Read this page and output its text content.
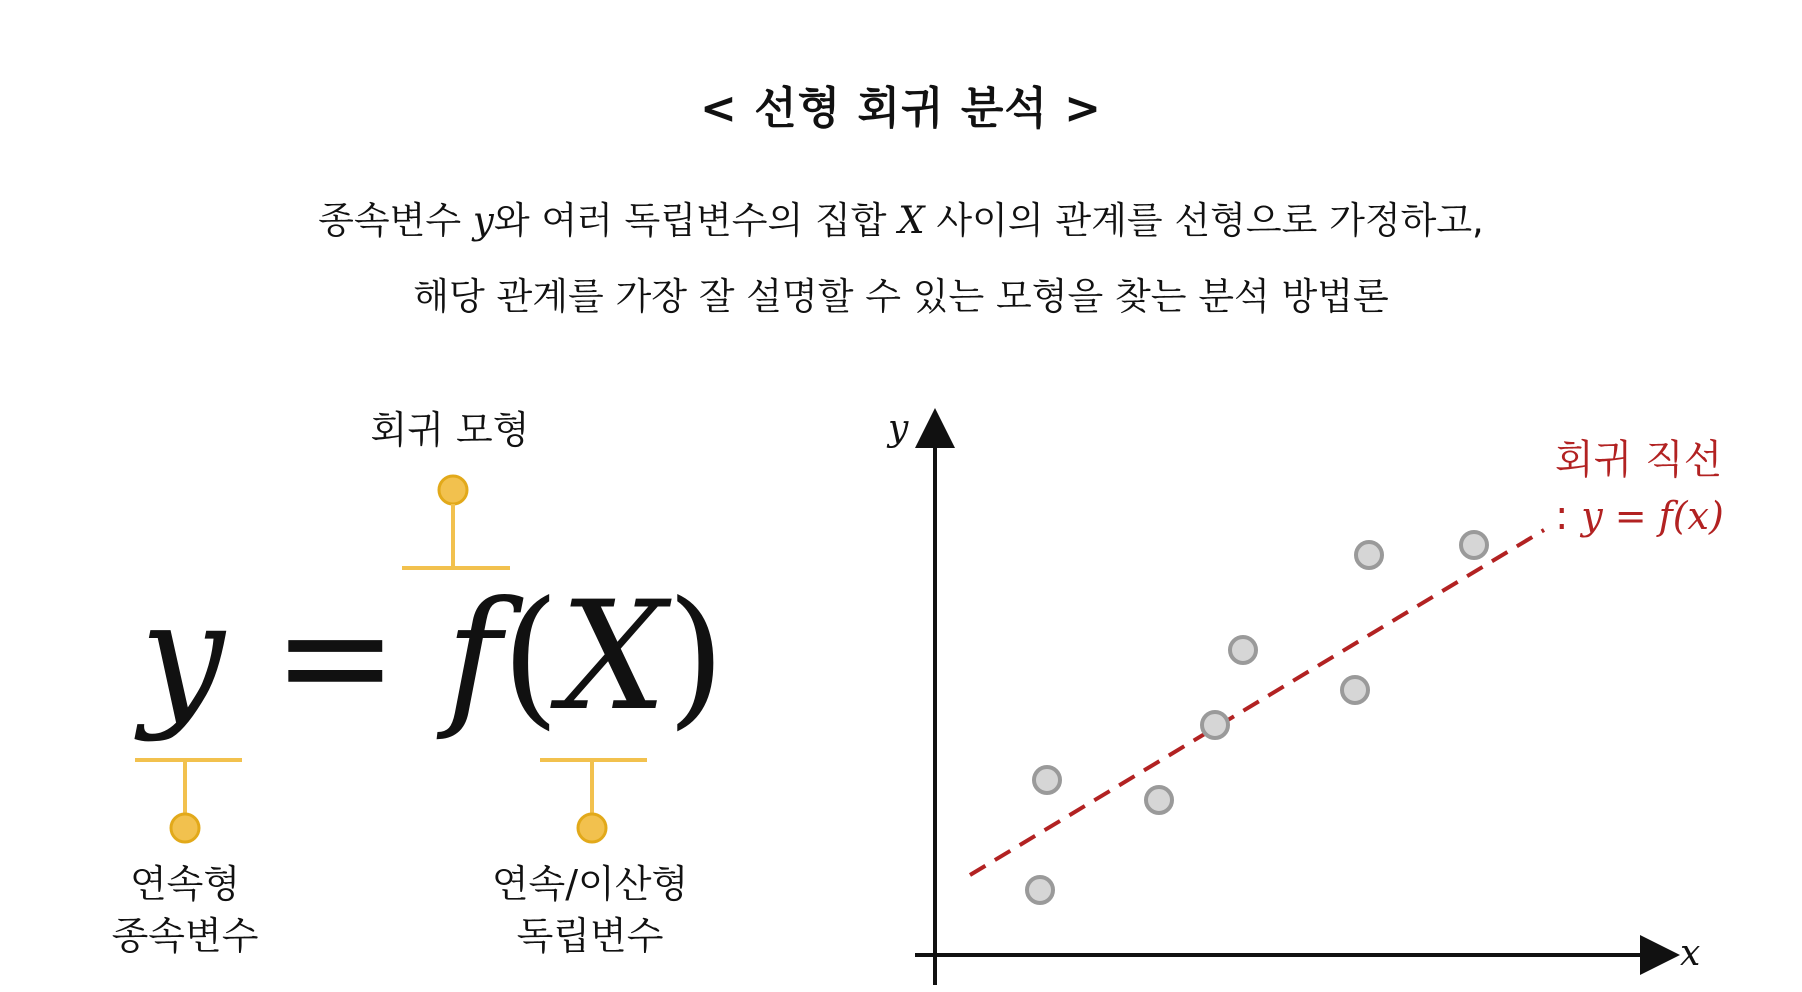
< 선형 회귀 분석 >
종속변수 y와 여러 독립변수의 집합 X 사이의 관계를 선형으로 가정하고,
해당 관계를 가장 잘 설명할 수 있는 모형을 찾는 분석 방법론
회귀 모형
y = f(X)
연속형
종속변수
연속/이산형
독립변수
y
x
회귀 직선
: y = f(x)
